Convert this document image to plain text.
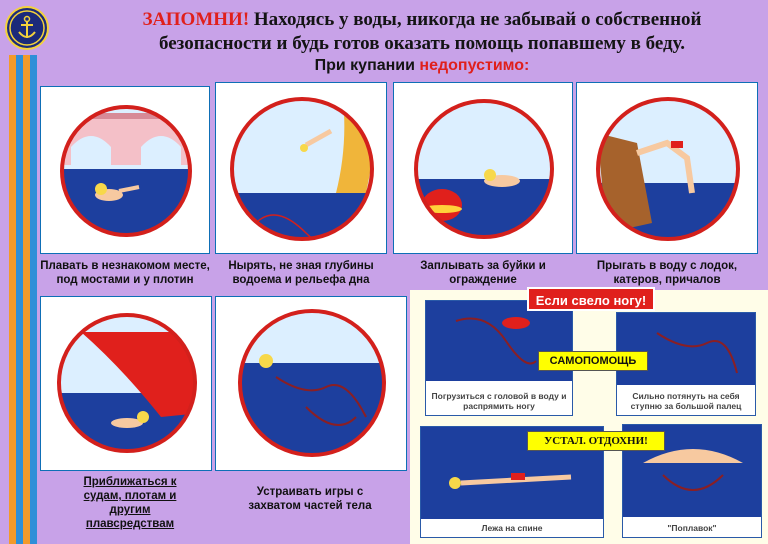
ЗАПОМНИ! Находясь у воды, никогда не забывай о собственной
безопасности и будь готов оказать помощь попавшему в беду.
При купании недопустимо:
Плавать в незнакомом месте, под мостами и у плотин
Нырять, не зная глубины водоема и рельефа дна
Заплывать за буйки и ограждение
Прыгать в воду с лодок, катеров, причалов
Приближаться к судам, плотам и другим плавсредствам
Устраивать игры с захватом частей тела
Погрузиться с головой в воду и распрямить ногу
Сильно потянуть на себя ступню за большой палец
Лежа на спине	"Поплавок"
Если свело ногу!
САМОПОМОЩЬ
УСТАЛ. ОТДОХНИ!
